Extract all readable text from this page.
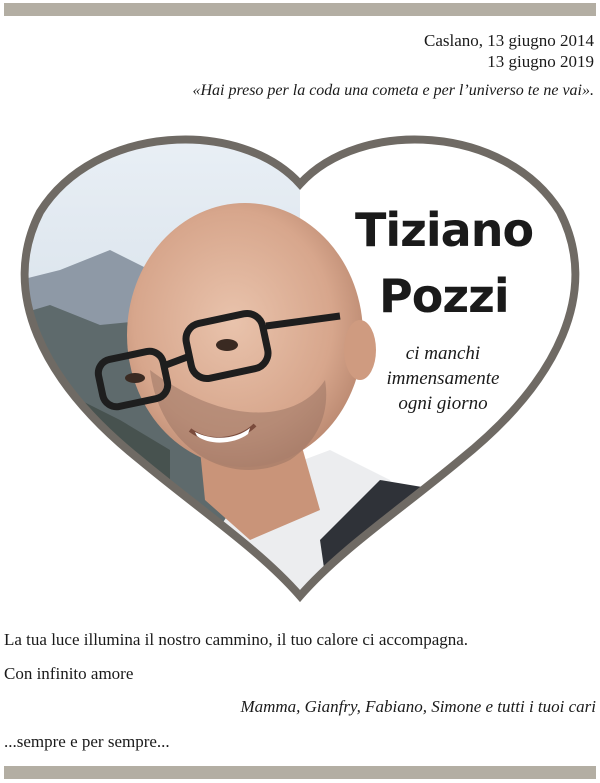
Caslano, 13 giugno 2014
13 giugno 2019
«Hai preso per la coda una cometa e per l’universo te ne vai».
Tiziano
Pozzi
ci manchi
immensamente
ogni giorno
La tua luce illumina il nostro cammino, il tuo calore ci accompagna.
Con infinito amore
Mamma, Gianfry, Fabiano, Simone e tutti i tuoi cari
...sempre e per sempre...
